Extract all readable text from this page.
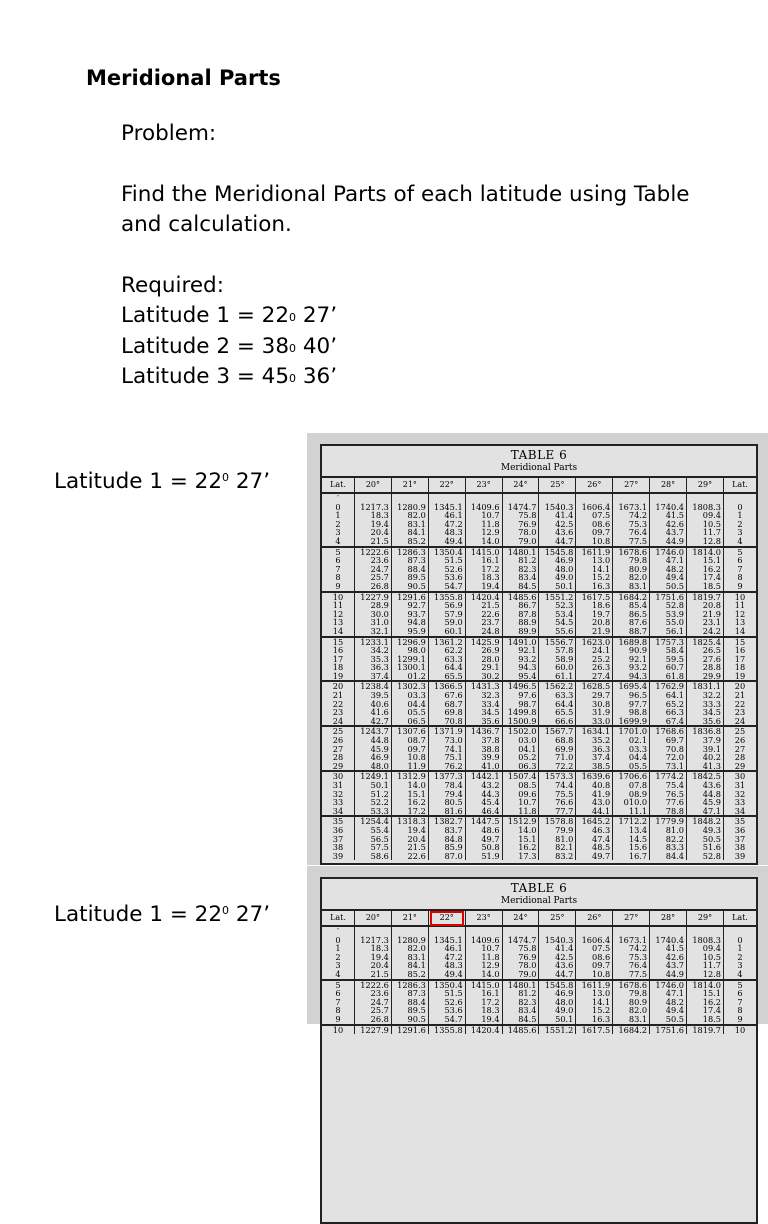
Meridional Parts
Problem:
Find the Meridional Parts of each latitude using Table
and calculation.
Required:
Latitude $1 = 22^0$ 27’
Latitude $2 = 38^0$ 40’
Latitude $3 = 45^0$ 36’
Latitude $1 = 22^0$ 27’
Latitude $1 = 22^0$ 27’
TABLE 6
Meridional Parts
Lat.	20°	21°	22°	23°	24°	25°	26°	27°	28°	29°	Lat.
′											
0	1217.3	1280.9	1345.1	1409.6	1474.7	1540.3	1606.4	1673.1	1740.4	1808.3	0
1	18.3	82.0	46.1	10.7	75.8	41.4	07.5	74.2	41.5	09.4	1
2	19.4	83.1	47.2	11.8	76.9	42.5	08.6	75.3	42.6	10.5	2
3	20.4	84.1	48.3	12.9	78.0	43.6	09.7	76.4	43.7	11.7	3
4	21.5	85.2	49.4	14.0	79.0	44.7	10.8	77.5	44.9	12.8	4
5	1222.6	1286.3	1350.4	1415.0	1480.1	1545.8	1611.9	1678.6	1746.0	1814.0	5
6	23.6	87.3	51.5	16.1	81.2	46.9	13.0	79.8	47.1	15.1	6
7	24.7	88.4	52.6	17.2	82.3	48.0	14.1	80.9	48.2	16.2	7
8	25.7	89.5	53.6	18.3	83.4	49.0	15.2	82.0	49.4	17.4	8
9	26.8	90.5	54.7	19.4	84.5	50.1	16.3	83.1	50.5	18.5	9
10	1227.9	1291.6	1355.8	1420.4	1485.6	1551.2	1617.5	1684.2	1751.6	1819.7	10
11	28.9	92.7	56.9	21.5	86.7	52.3	18.6	85.4	52.8	20.8	11
12	30.0	93.7	57.9	22.6	87.8	53.4	19.7	86.5	53.9	21.9	12
13	31.0	94.8	59.0	23.7	88.9	54.5	20.8	87.6	55.0	23.1	13
14	32.1	95.9	60.1	24.8	89.9	55.6	21.9	88.7	56.1	24.2	14
15	1233.1	1296.9	1361.2	1425.9	1491.0	1556.7	1623.0	1689.8	1757.3	1825.4	15
16	34.2	98.0	62.2	26.9	92.1	57.8	24.1	90.9	58.4	26.5	16
17	35.3	1299.1	63.3	28.0	93.2	58.9	25.2	92.1	59.5	27.6	17
18	36.3	1300.1	64.4	29.1	94.3	60.0	26.3	93.2	60.7	28.8	18
19	37.4	01.2	65.5	30.2	95.4	61.1	27.4	94.3	61.8	29.9	19
20	1238.4	1302.3	1366.5	1431.3	1496.5	1562.2	1628.5	1695.4	1762.9	1831.1	20
21	39.5	03.3	67.6	32.3	97.6	63.3	29.7	96.5	64.1	32.2	21
22	40.6	04.4	68.7	33.4	98.7	64.4	30.8	97.7	65.2	33.3	22
23	41.6	05.5	69.8	34.5	1499.8	65.5	31.9	98.8	66.3	34.5	23
24	42.7	06.5	70.8	35.6	1500.9	66.6	33.0	1699.9	67.4	35.6	24
25	1243.7	1307.6	1371.9	1436.7	1502.0	1567.7	1634.1	1701.0	1768.6	1836.8	25
26	44.8	08.7	73.0	37.8	03.0	68.8	35.2	02.1	69.7	37.9	26
27	45.9	09.7	74.1	38.8	04.1	69.9	36.3	03.3	70.8	39.1	27
28	46.9	10.8	75.1	39.9	05.2	71.0	37.4	04.4	72.0	40.2	28
29	48.0	11.9	76.2	41.0	06.3	72.2	38.5	05.5	73.1	41.3	29
30	1249.1	1312.9	1377.3	1442.1	1507.4	1573.3	1639.6	1706.6	1774.2	1842.5	30
31	50.1	14.0	78.4	43.2	08.5	74.4	40.8	07.8	75.4	43.6	31
32	51.2	15.1	79.4	44.3	09.6	75.5	41.9	08.9	76.5	44.8	32
33	52.2	16.2	80.5	45.4	10.7	76.6	43.0	010.0	77.6	45.9	33
34	53.3	17.2	81.6	46.4	11.8	77.7	44.1	11.1	78.8	47.1	34
35	1254.4	1318.3	1382.7	1447.5	1512.9	1578.8	1645.2	1712.2	1779.9	1848.2	35
36	55.4	19.4	83.7	48.6	14.0	79.9	46.3	13.4	81.0	49.3	36
37	56.5	20.4	84.8	49.7	15.1	81.0	47.4	14.5	82.2	50.5	37
38	57.5	21.5	85.9	50.8	16.2	82.1	48.5	15.6	83.3	51.6	38
39	58.6	22.6	87.0	51.9	17.3	83.2	49.7	16.7	84.4	52.8	39
TABLE 6
Meridional Parts
Lat.	20°	21°	22°	23°	24°	25°	26°	27°	28°	29°	Lat.
′											
0	1217.3	1280.9	1345.1	1409.6	1474.7	1540.3	1606.4	1673.1	1740.4	1808.3	0
1	18.3	82.0	46.1	10.7	75.8	41.4	07.5	74.2	41.5	09.4	1
2	19.4	83.1	47.2	11.8	76.9	42.5	08.6	75.3	42.6	10.5	2
3	20.4	84.1	48.3	12.9	78.0	43.6	09.7	76.4	43.7	11.7	3
4	21.5	85.2	49.4	14.0	79.0	44.7	10.8	77.5	44.9	12.8	4
5	1222.6	1286.3	1350.4	1415.0	1480.1	1545.8	1611.9	1678.6	1746.0	1814.0	5
6	23.6	87.3	51.5	16.1	81.2	46.9	13.0	79.8	47.1	15.1	6
7	24.7	88.4	52.6	17.2	82.3	48.0	14.1	80.9	48.2	16.2	7
8	25.7	89.5	53.6	18.3	83.4	49.0	15.2	82.0	49.4	17.4	8
9	26.8	90.5	54.7	19.4	84.5	50.1	16.3	83.1	50.5	18.5	9
10	1227.9	1291.6	1355.8	1420.4	1485.6	1551.2	1617.5	1684.2	1751.6	1819.7	10
